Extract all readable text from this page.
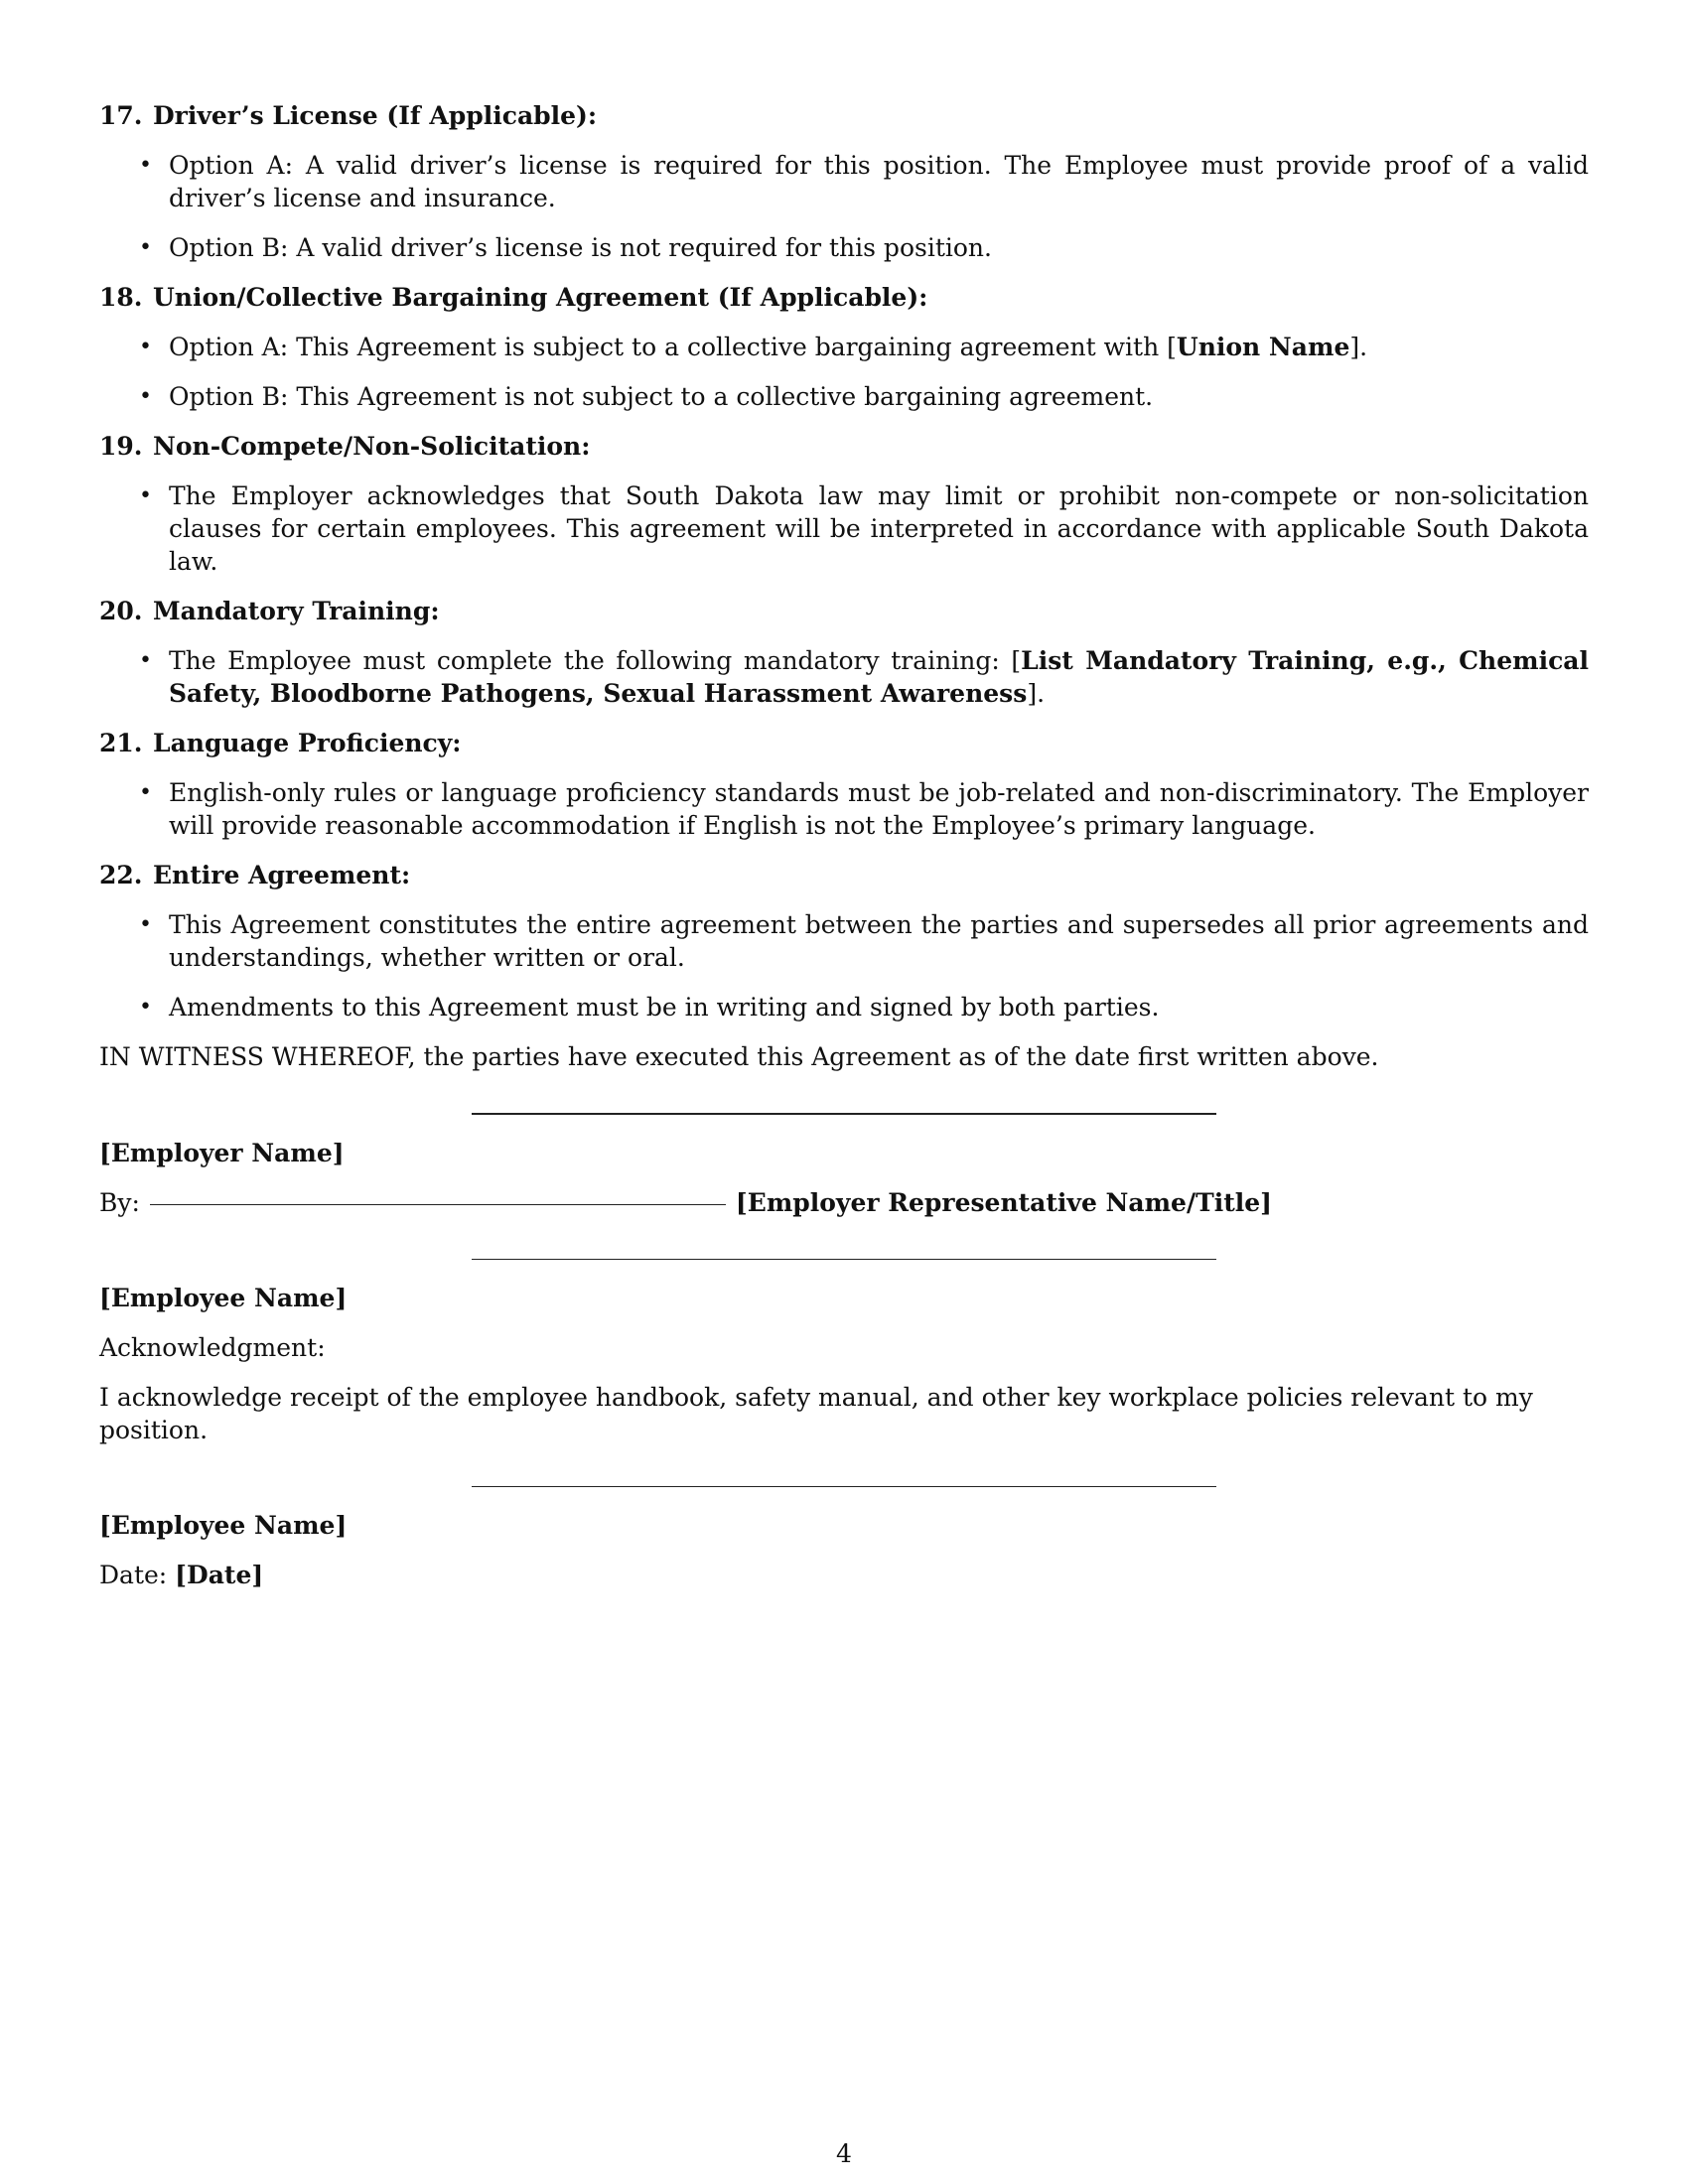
17. Driver’s License (If Applicable):
• Option A: A valid driver’s license is required for this position. The Employee must provide proof of a valid driver’s license and insurance.
• Option B: A valid driver’s license is not required for this position.
18. Union/Collective Bargaining Agreement (If Applicable):
• Option A: This Agreement is subject to a collective bargaining agreement with [Union Name].
• Option B: This Agreement is not subject to a collective bargaining agreement.
19. Non-Compete/Non-Solicitation:
• The Employer acknowledges that South Dakota law may limit or prohibit non-compete or non-solicitation clauses for certain employees. This agreement will be interpreted in accordance with applicable South Dakota law.
20. Mandatory Training:
• The Employee must complete the following mandatory training: [List Mandatory Training, e.g., Chemical Safety, Bloodborne Pathogens, Sexual Harassment Awareness].
21. Language Proficiency:
• English-only rules or language proficiency standards must be job-related and non-discriminatory. The Employer will provide reasonable accommodation if English is not the Employee’s primary language.
22. Entire Agreement:
• This Agreement constitutes the entire agreement between the parties and supersedes all prior agreements and understandings, whether written or oral.
• Amendments to this Agreement must be in writing and signed by both parties.

IN WITNESS WHEREOF, the parties have executed this Agreement as of the date first written above.

[Employer Name]
By:	[Employer Representative Name/Title]
[Employee Name]

Acknowledgment:

I acknowledge receipt of the employee handbook, safety manual, and other key workplace policies relevant to my position.

[Employee Name]

Date: [Date]

4
